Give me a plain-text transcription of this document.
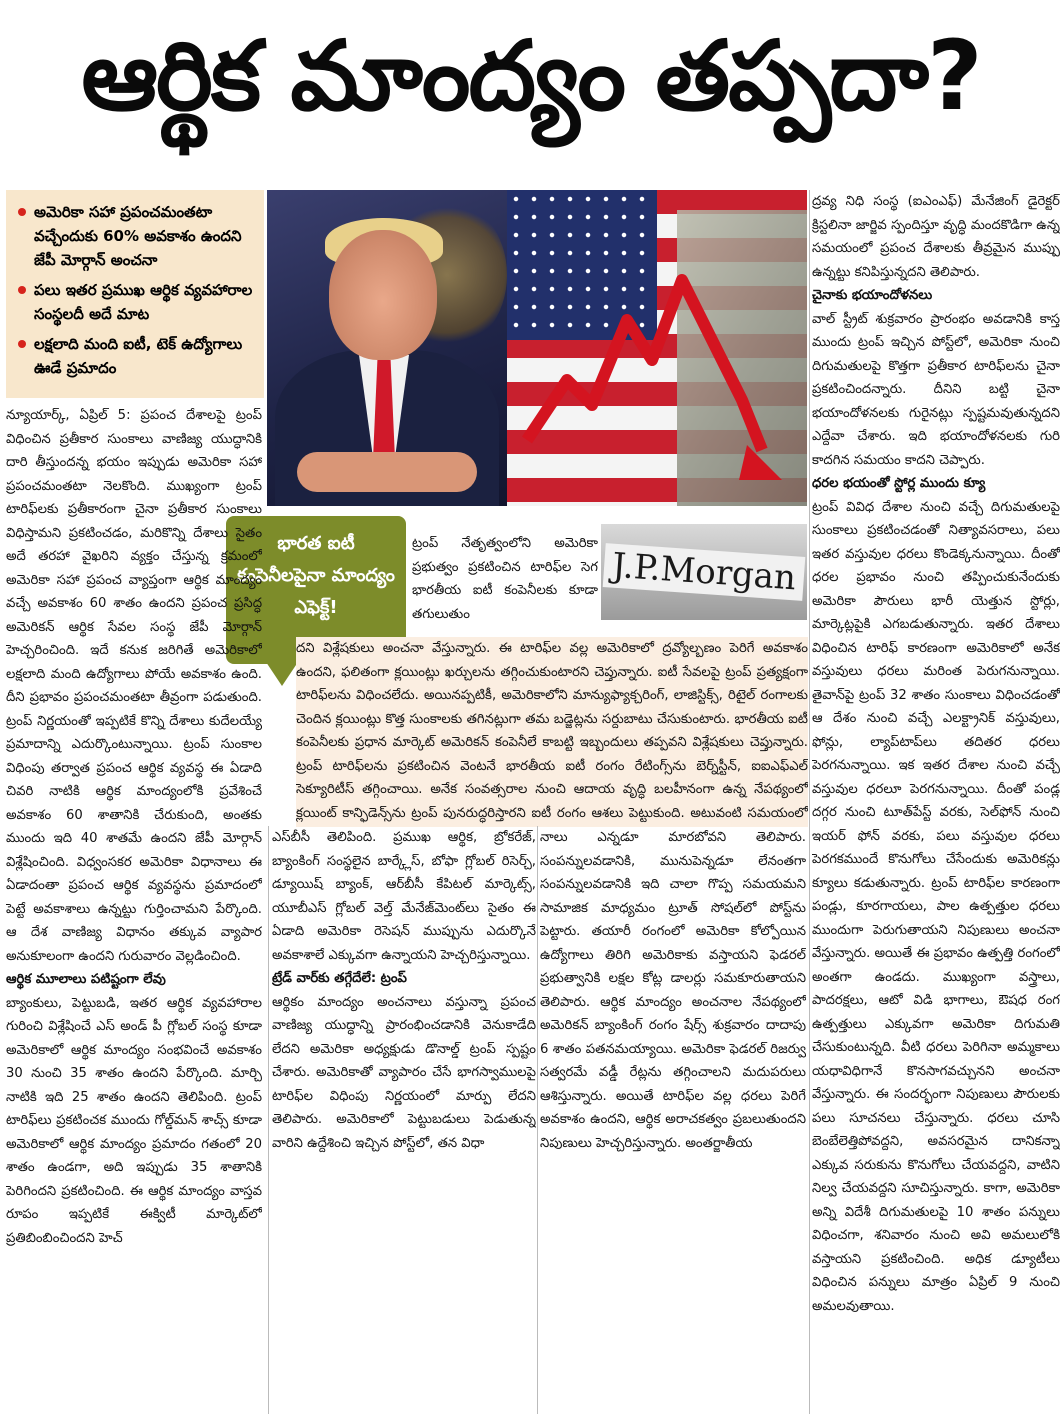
ఆర్థిక మాంద్యం తప్పదా?
అమెరికా సహా ప్రపంచమంతటా వచ్చేందుకు 60% అవకాశం ఉందని జేపీ మోర్గాన్ అంచనా
పలు ఇతర ప్రముఖ ఆర్థిక వ్యవహారాల సంస్థలదీ అదే మాట
లక్షలాది మంది ఐటీ, టెక్ ఉద్యోగాలు ఊడే ప్రమాదం
భారత ఐటీ కంపెనీలపైనా మాంద్యం ఎఫెక్ట్!
J.P.Morgan

న్యూయార్క్, ఏప్రిల్ 5: ప్రపంచ దేశాలపై ట్రంప్ విధించిన ప్రతీకార సుంకాలు వాణిజ్య యుద్ధానికి దారి తీస్తుందన్న భయం ఇప్పుడు అమెరికా సహా ప్రపంచమంతటా నెలకొంది. ముఖ్యంగా ట్రంప్ టారిఫ్‌లకు ప్రతీకారంగా చైనా ప్రతీకార సుంకాలు విధిస్తామని ప్రకటించడం, మరికొన్ని దేశాలు సైతం అదే తరహా వైఖరిని వ్యక్తం చేస్తున్న క్రమంలో అమెరికా సహా ప్రపంచ వ్యాప్తంగా ఆర్థిక మాంద్యం వచ్చే అవకాశం 60 శాతం ఉందని ప్రపంచ ప్రసిద్ధ అమెరికన్ ఆర్థిక సేవల సంస్థ జేపీ మోర్గాన్ హెచ్చరించింది. ఇదే కనుక జరిగితే అమెరికాలో లక్షలాది మంది ఉద్యోగాలు పోయే అవకాశం ఉంది. దీని ప్రభావం ప్రపంచమంతటా తీవ్రంగా పడుతుంది. ట్రంప్ నిర్ణయంతో ఇప్పటికే కొన్ని దేశాలు కుదేలయ్యే ప్రమాదాన్ని ఎదుర్కొంటున్నాయి. ట్రంప్ సుంకాల విధింపు తర్వాత ప్రపంచ ఆర్థిక వ్యవస్థ ఈ ఏడాది చివరి నాటికి ఆర్థిక మాంద్యంలోకి ప్రవేశించే అవకాశం 60 శాతానికి చేరుకుంది, అంతకు ముందు ఇది 40 శాతమే ఉందని జేపీ మోర్గాన్ విశ్లేషించింది. విధ్వంసకర అమెరికా విధానాలు ఈ ఏడాదంతా ప్రపంచ ఆర్థిక వ్యవస్థను ప్రమాదంలో పెట్టే అవకాశాలు ఉన్నట్టు గుర్తించామని పేర్కొంది. ఆ దేశ వాణిజ్య విధానం తక్కువ వ్యాపార అనుకూలంగా ఉందని గురువారం వెల్లడించింది.

ఆర్థిక మూలాలు పటిష్టంగా లేవు

బ్యాంకులు, పెట్టుబడి, ఇతర ఆర్థిక వ్యవహారాల గురించి విశ్లేషించే ఎస్ అండ్ పీ గ్లోబల్ సంస్థ కూడా అమెరికాలో ఆర్థిక మాంద్యం సంభవించే అవకాశం 30 నుంచి 35 శాతం ఉందని పేర్కొంది. మార్చి నాటికి ఇది 25 శాతం ఉందని తెలిపింది. ట్రంప్ టారిఫ్‌లు ప్రకటించక ముందు గోల్డ్‌మన్ శాచ్స్ కూడా అమెరికాలో ఆర్థిక మాంద్యం ప్రమాదం గతంలో 20 శాతం ఉండగా, అది ఇప్పుడు 35 శాతానికి పెరిగిందని ప్రకటించింది. ఈ ఆర్థిక మాంద్యం వాస్తవ రూపం ఇప్పటికే ఈక్విటీ మార్కెట్‌లో ప్రతిబింబించిందని హెచ్

ట్రంప్ నేతృత్వంలోని అమెరికా ప్రభుత్వం ప్రకటించిన టారిఫ్‌ల సెగ భారతీయ ఐటీ కంపెనీలకు కూడా తగులుతుం
దని విశ్లేషకులు అంచనా వేస్తున్నారు. ఈ టారిఫ్‌ల వల్ల అమెరికాలో ద్రవ్యోల్బణం పెరిగే అవకాశం ఉందని, ఫలితంగా క్లయింట్లు ఖర్చులను తగ్గించుకుంటారని చెప్తున్నారు. ఐటీ సేవలపై ట్రంప్ ప్రత్యక్షంగా టారిఫ్‌లను విధించలేదు. అయినప్పటికీ, అమెరికాలోని మాన్యుఫ్యాక్చరింగ్, లాజిస్టిక్స్, రిటైల్ రంగాలకు చెందిన క్లయింట్లు కొత్త సుంకాలకు తగినట్లుగా తమ బడ్జెట్లను సర్దుబాటు చేసుకుంటారు. భారతీయ ఐటీ కంపెనీలకు ప్రధాన మార్కెట్ అమెరికన్ కంపెనీలే కాబట్టి ఇబ్బందులు తప్పవని విశ్లేషకులు చెప్తున్నారు. ట్రంప్ టారిఫ్‌లను ప్రకటించిన వెంటనే భారతీయ ఐటీ రంగం రేటింగ్స్‌ను బెర్న్‌స్టీన్, ఐఐఎఫ్ఎల్ సెక్యూరిటీస్ తగ్గించాయి. అనేక సంవత్సరాల నుంచి ఆదాయ వృద్ధి బలహీనంగా ఉన్న నేపథ్యంలో క్లయింట్ కాన్ఫిడెన్స్‌ను ట్రంప్ పునరుద్ధరిస్తారని ఐటీ రంగం ఆశలు పెట్టుకుంది. అటువంటి సమయంలో

ఎస్‌బీసీ తెలిపింది. ప్రముఖ ఆర్థిక, బ్రోకరేజ్, బ్యాంకింగ్ సంస్థలైన బార్క్లేస్, బోఫా గ్లోబల్ రిసెర్చ్, డ్యూయిష్ బ్యాంక్, ఆర్‌బీసీ కేపిటల్ మార్కెట్స్, యూబీఎస్ గ్లోబల్ వెల్త్ మేనేజ్‌మెంట్‌లు సైతం ఈ ఏడాది అమెరికా రెసెషన్ ముప్పును ఎదుర్కొనే అవకాశాలే ఎక్కువగా ఉన్నాయని హెచ్చరిస్తున్నాయి.

ట్రేడ్ వార్‌కు తగ్గేదేలే: ట్రంప్

ఆర్థికం మాంద్యం అంచనాలు వస్తున్నా ప్రపంచ వాణిజ్య యుద్ధాన్ని ప్రారంభించడానికి వెనుకాడేది లేదని అమెరికా అధ్యక్షుడు డొనాల్డ్ ట్రంప్ స్పష్టం చేశారు. అమెరికాతో వ్యాపారం చేసే భాగస్వాములపై టారిఫ్‌ల విధింపు నిర్ణయంలో మార్పు లేదని తెలిపారు. అమెరికాలో పెట్టుబడులు పెడుతున్న వారిని ఉద్దేశించి ఇచ్చిన పోస్ట్‌లో, తన విధా

నాలు ఎన్నడూ మారబోవని తెలిపారు. సంపన్నులవడానికి, మునుపెన్నడూ లేనంతగా సంపన్నులవడానికి ఇది చాలా గొప్ప సమయమని సామాజిక మాధ్యమం ట్రూత్ సోషల్‌లో పోస్ట్‌ను పెట్టారు. తయారీ రంగంలో అమెరికా కోల్పోయిన ఉద్యోగాలు తిరిగి అమెరికాకు వస్తాయని ఫెడరల్ ప్రభుత్వానికి లక్షల కోట్ల డాలర్లు సమకూరుతాయని తెలిపారు. ఆర్థిక మాంద్యం అంచనాల నేపథ్యంలో అమెరికన్ బ్యాంకింగ్ రంగం షేర్స్ శుక్రవారం దాదాపు 6 శాతం పతనమయ్యాయి. అమెరికా ఫెడరల్ రిజర్వు సత్వరమే వడ్డీ రేట్లను తగ్గించాలని మదుపరులు ఆశిస్తున్నారు. అయితే టారిఫ్‌ల వల్ల ధరలు పెరిగే అవకాశం ఉందని, ఆర్థిక అరాచకత్వం ప్రబలుతుందని నిపుణులు హెచ్చరిస్తున్నారు. అంతర్జాతీయ

ద్రవ్య నిధి సంస్థ (ఐఎంఎఫ్) మేనేజింగ్ డైరెక్టర్ క్రిస్టలినా జార్జివ స్పందిస్తూ వృద్ధి మందకొడిగా ఉన్న సమయంలో ప్రపంచ దేశాలకు తీవ్రమైన ముప్పు ఉన్నట్టు కనిపిస్తున్నదని తెలిపారు.

చైనాకు భయాందోళనలు

వాల్ స్ట్రీట్ శుక్రవారం ప్రారంభం అవడానికి కాస్త ముందు ట్రంప్ ఇచ్చిన పోస్ట్‌లో, అమెరికా నుంచి దిగుమతులపై కొత్తగా ప్రతీకార టారిఫ్‌లను చైనా ప్రకటించిందన్నారు. దీనిని బట్టి చైనా భయాందోళనలకు గురైనట్లు స్పష్టమవుతున్నదని ఎద్దేవా చేశారు. ఇది భయాందోళనలకు గురి కాదగిన సమయం కాదని చెప్పారు.

ధరల భయంతో స్టోర్ల ముందు క్యూ

ట్రంప్ వివిధ దేశాల నుంచి వచ్చే దిగుమతులపై సుంకాలు ప్రకటించడంతో నిత్యావసరాలు, పలు ఇతర వస్తువుల ధరలు కొండెక్కనున్నాయి. దీంతో ధరల ప్రభావం నుంచి తప్పించుకునేందుకు అమెరికా పౌరులు భారీ యెత్తున స్టోర్లు, మార్కెట్లపైకి ఎగబడుతున్నారు. ఇతర దేశాలు విధించిన టారిఫ్ కారణంగా అమెరికాలో అనేక వస్తువులు ధరలు మరింత పెరుగనున్నాయి. తైవాన్‌పై ట్రంప్ 32 శాతం సుంకాలు విధించడంతో ఆ దేశం నుంచి వచ్చే ఎలక్ట్రానిక్ వస్తువులు, ఫోన్లు, ల్యాప్‌టాప్‌లు తదితర ధరలు పెరగనున్నాయి. ఇక ఇతర దేశాల నుంచి వచ్చే వస్తువుల ధరలూ పెరగనున్నాయి. దీంతో పండ్ల దగ్గర నుంచి టూత్‌పేస్ట్ వరకు, సెల్‌ఫోన్ నుంచి ఇయర్ ఫోన్ వరకు, పలు వస్తువుల ధరలు పెరగకముందే కొనుగోలు చేసేందుకు అమెరికన్లు క్యూలు కడుతున్నారు. ట్రంప్ టారిఫ్‌ల కారణంగా పండ్లు, కూరగాయలు, పాల ఉత్పత్తుల ధరలు ముందుగా పెరుగుతాయని నిపుణులు అంచనా వేస్తున్నారు. అయితే ఈ ప్రభావం ఉత్పత్తి రంగంలో అంతగా ఉండదు. ముఖ్యంగా వస్త్రాలు, పాదరక్షలు, ఆటో విడి భాగాలు, ఔషధ రంగ ఉత్పత్తులు ఎక్కువగా అమెరికా దిగుమతి చేసుకుంటున్నది. వీటి ధరలు పెరిగినా అమ్మకాలు యధావిధిగానే కొనసాగవచ్చునని అంచనా వేస్తున్నారు. ఈ సందర్భంగా నిపుణులు పౌరులకు పలు సూచనలు చేస్తున్నారు. ధరలు చూసి బెంబేలెత్తిపోవద్దని, అవసరమైన దానికన్నా ఎక్కువ సరుకును కొనుగోలు చేయవద్దని, వాటిని నిల్వ చేయవద్దని సూచిస్తున్నారు. కాగా, అమెరికా అన్ని విదేశీ దిగుమతులపై 10 శాతం పన్నులు విధించగా, శనివారం నుంచి అవి అమలులోకి వస్తాయని ప్రకటించింది. అధిక డ్యూటీలు విధించిన పన్నులు మాత్రం ఏప్రిల్ 9 నుంచి అమలవుతాయి.
